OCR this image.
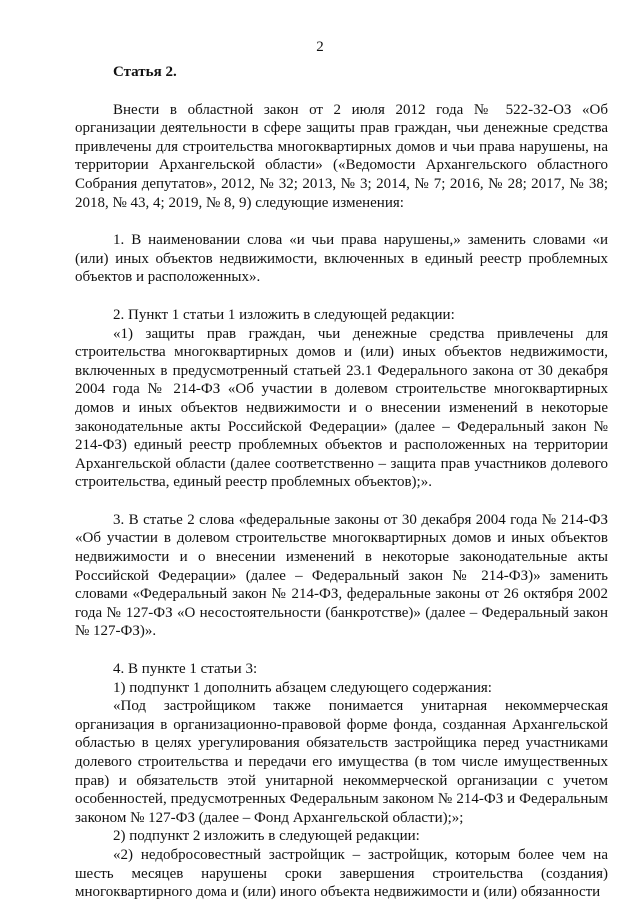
2

Статья 2.

Внести в областной закон от 2 июля 2012 года № 522-32-ОЗ «Об организации деятельности в сфере защиты прав граждан, чьи денежные средства привлечены для строительства многоквартирных домов и чьи права нарушены, на территории Архангельской области» («Ведомости Архангельского областного Собрания депутатов», 2012, № 32; 2013, № 3; 2014, № 7; 2016, № 28; 2017, № 38; 2018, № 43, 4; 2019, № 8, 9) следующие изменения:

1. В наименовании слова «и чьи права нарушены,» заменить словами «и (или) иных объектов недвижимости, включенных в единый реестр проблемных объектов и расположенных».

2. Пункт 1 статьи 1 изложить в следующей редакции:

«1) защиты прав граждан, чьи денежные средства привлечены для строительства многоквартирных домов и (или) иных объектов недвижимости, включенных в предусмотренный статьей 23.1 Федерального закона от 30 декабря 2004 года № 214-ФЗ «Об участии в долевом строительстве многоквартирных домов и иных объектов недвижимости и о внесении изменений в некоторые законодательные акты Российской Федерации» (далее – Федеральный закон № 214-ФЗ) единый реестр проблемных объектов и расположенных на территории Архангельской области (далее соответственно – защита прав участников долевого строительства, единый реестр проблемных объектов);».

3. В статье 2 слова «федеральные законы от 30 декабря 2004 года № 214-ФЗ «Об участии в долевом строительстве многоквартирных домов и иных объектов недвижимости и о внесении изменений в некоторые законодательные акты Российской Федерации» (далее – Федеральный закон № 214-ФЗ)» заменить словами «Федеральный закон № 214-ФЗ, федеральные законы от 26 октября 2002 года № 127-ФЗ «О несостоятельности (банкротстве)» (далее – Федеральный закон № 127-ФЗ)».

4. В пункте 1 статьи 3:

1) подпункт 1 дополнить абзацем следующего содержания:

«Под застройщиком также понимается унитарная некоммерческая организация в организационно-правовой форме фонда, созданная Архангельской областью в целях урегулирования обязательств застройщика перед участниками долевого строительства и передачи его имущества (в том числе имущественных прав) и обязательств этой унитарной некоммерческой организации с учетом особенностей, предусмотренных Федеральным законом № 214-ФЗ и Федеральным законом № 127-ФЗ (далее – Фонд Архангельской области);»;

2) подпункт 2 изложить в следующей редакции:

«2) недобросовестный застройщик – застройщик, которым более чем на шесть месяцев нарушены сроки завершения строительства (создания) многоквартирного дома и (или) иного объекта недвижимости и (или) обязанности
